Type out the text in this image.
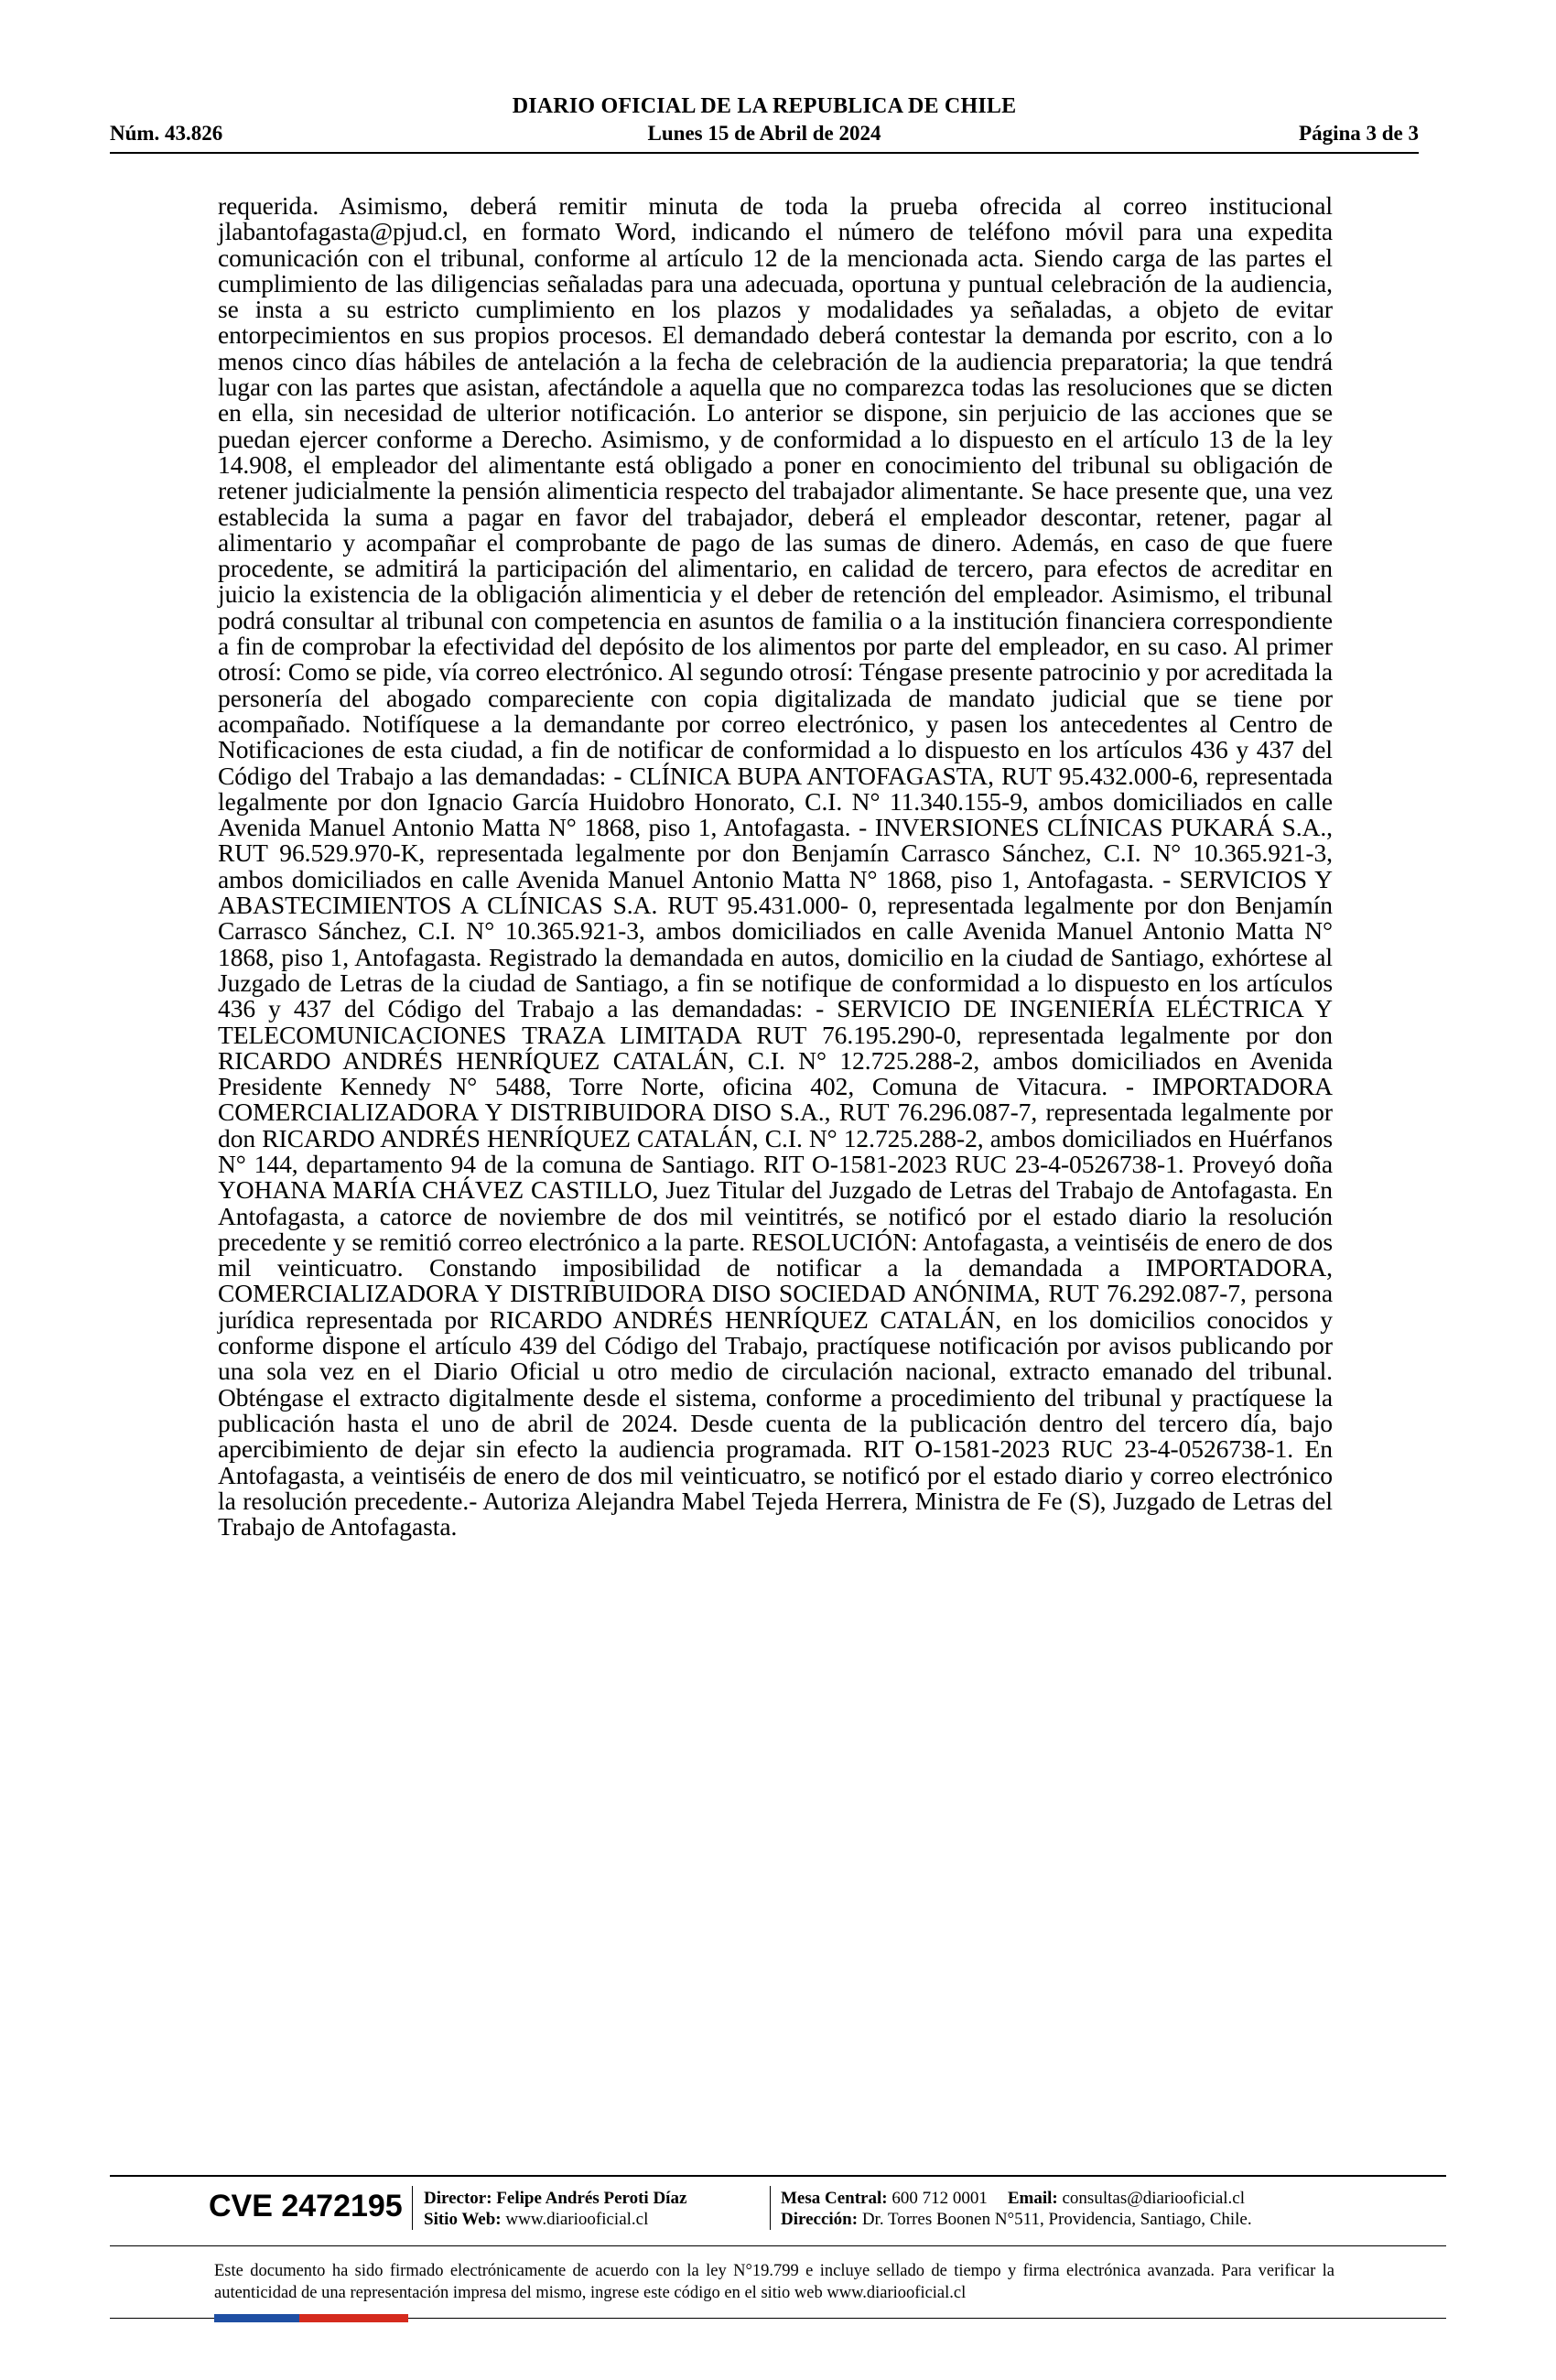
DIARIO OFICIAL DE LA REPUBLICA DE CHILE
Núm. 43.826	Lunes 15 de Abril de 2024	Página 3 de 3

requerida. Asimismo, deberá remitir minuta de toda la prueba ofrecida al correo institucional jlabantofagasta@pjud.cl, en formato Word, indicando el número de teléfono móvil para una expedita comunicación con el tribunal, conforme al artículo 12 de la mencionada acta. Siendo carga de las partes el cumplimiento de las diligencias señaladas para una adecuada, oportuna y puntual celebración de la audiencia, se insta a su estricto cumplimiento en los plazos y modalidades ya señaladas, a objeto de evitar entorpecimientos en sus propios procesos. El demandado deberá contestar la demanda por escrito, con a lo menos cinco días hábiles de antelación a la fecha de celebración de la audiencia preparatoria; la que tendrá lugar con las partes que asistan, afectándole a aquella que no comparezca todas las resoluciones que se dicten en ella, sin necesidad de ulterior notificación. Lo anterior se dispone, sin perjuicio de las acciones que se puedan ejercer conforme a Derecho. Asimismo, y de conformidad a lo dispuesto en el artículo 13 de la ley 14.908, el empleador del alimentante está obligado a poner en conocimiento del tribunal su obligación de retener judicialmente la pensión alimenticia respecto del trabajador alimentante. Se hace presente que, una vez establecida la suma a pagar en favor del trabajador, deberá el empleador descontar, retener, pagar al alimentario y acompañar el comprobante de pago de las sumas de dinero. Además, en caso de que fuere procedente, se admitirá la participación del alimentario, en calidad de tercero, para efectos de acreditar en juicio la existencia de la obligación alimenticia y el deber de retención del empleador. Asimismo, el tribunal podrá consultar al tribunal con competencia en asuntos de familia o a la institución financiera correspondiente a fin de comprobar la efectividad del depósito de los alimentos por parte del empleador, en su caso. Al primer otrosí: Como se pide, vía correo electrónico. Al segundo otrosí: Téngase presente patrocinio y por acreditada la personería del abogado compareciente con copia digitalizada de mandato judicial que se tiene por acompañado. Notifíquese a la demandante por correo electrónico, y pasen los antecedentes al Centro de Notificaciones de esta ciudad, a fin de notificar de conformidad a lo dispuesto en los artículos 436 y 437 del Código del Trabajo a las demandadas: - CLÍNICA BUPA ANTOFAGASTA, RUT 95.432.000-6, representada legalmente por don Ignacio García Huidobro Honorato, C.I. N° 11.340.155-9, ambos domiciliados en calle Avenida Manuel Antonio Matta N° 1868, piso 1, Antofagasta. - INVERSIONES CLÍNICAS PUKARÁ S.A., RUT 96.529.970-K, representada legalmente por don Benjamín Carrasco Sánchez, C.I. N° 10.365.921-3, ambos domiciliados en calle Avenida Manuel Antonio Matta N° 1868, piso 1, Antofagasta. - SERVICIOS Y ABASTECIMIENTOS A CLÍNICAS S.A. RUT 95.431.000- 0, representada legalmente por don Benjamín Carrasco Sánchez, C.I. N° 10.365.921-3, ambos domiciliados en calle Avenida Manuel Antonio Matta N° 1868, piso 1, Antofagasta. Registrado la demandada en autos, domicilio en la ciudad de Santiago, exhórtese al Juzgado de Letras de la ciudad de Santiago, a fin se notifique de conformidad a lo dispuesto en los artículos 436 y 437 del Código del Trabajo a las demandadas: - SERVICIO DE INGENIERÍA ELÉCTRICA Y TELECOMUNICACIONES TRAZA LIMITADA RUT 76.195.290-0, representada legalmente por don RICARDO ANDRÉS HENRÍQUEZ CATALÁN, C.I. N° 12.725.288-2, ambos domiciliados en Avenida Presidente Kennedy N° 5488, Torre Norte, oficina 402, Comuna de Vitacura. - IMPORTADORA COMERCIALIZADORA Y DISTRIBUIDORA DISO S.A., RUT 76.296.087-7, representada legalmente por don RICARDO ANDRÉS HENRÍQUEZ CATALÁN, C.I. N° 12.725.288-2, ambos domiciliados en Huérfanos N° 144, departamento 94 de la comuna de Santiago. RIT O-1581-2023 RUC 23-4-0526738-1. Proveyó doña YOHANA MARÍA CHÁVEZ CASTILLO, Juez Titular del Juzgado de Letras del Trabajo de Antofagasta. En Antofagasta, a catorce de noviembre de dos mil veintitrés, se notificó por el estado diario la resolución precedente y se remitió correo electrónico a la parte. RESOLUCIÓN: Antofagasta, a veintiséis de enero de dos mil veinticuatro. Constando imposibilidad de notificar a la demandada a IMPORTADORA, COMERCIALIZADORA Y DISTRIBUIDORA DISO SOCIEDAD ANÓNIMA, RUT 76.292.087-7, persona jurídica representada por RICARDO ANDRÉS HENRÍQUEZ CATALÁN, en los domicilios conocidos y conforme dispone el artículo 439 del Código del Trabajo, practíquese notificación por avisos publicando por una sola vez en el Diario Oficial u otro medio de circulación nacional, extracto emanado del tribunal. Obténgase el extracto digitalmente desde el sistema, conforme a procedimiento del tribunal y practíquese la publicación hasta el uno de abril de 2024. Desde cuenta de la publicación dentro del tercero día, bajo apercibimiento de dejar sin efecto la audiencia programada. RIT O-1581-2023 RUC 23-4-0526738-1. En Antofagasta, a veintiséis de enero de dos mil veinticuatro, se notificó por el estado diario y correo electrónico la resolución precedente.- Autoriza Alejandra Mabel Tejeda Herrera, Ministra de Fe (S), Juzgado de Letras del Trabajo de Antofagasta.

CVE 2472195 Director: Felipe Andrés Peroti Díaz
Sitio Web: www.diariooficial.cl
Mesa Central: 600 712 0001 Email: consultas@diariooficial.cl
Dirección: Dr. Torres Boonen N°511, Providencia, Santiago, Chile.
Este documento ha sido firmado electrónicamente de acuerdo con la ley N°19.799 e incluye sellado de tiempo y firma electrónica avanzada. Para verificar la autenticidad de una representación impresa del mismo, ingrese este código en el sitio web www.diariooficial.cl
